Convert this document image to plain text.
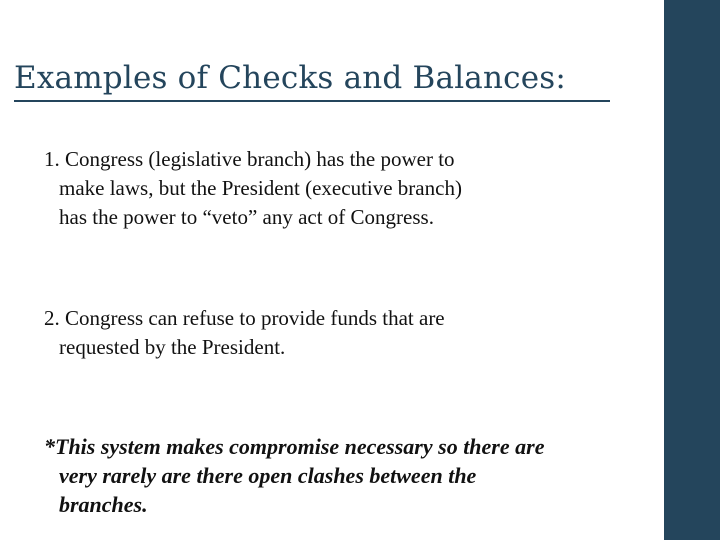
Examples of Checks and Balances:

1. Congress (legislative branch) has the power to
make laws, but the President (executive branch)
has the power to “veto” any act of Congress.

2. Congress can refuse to provide funds that are
requested by the President.

*This system makes compromise necessary so there are
very rarely are there open clashes between the
branches.
